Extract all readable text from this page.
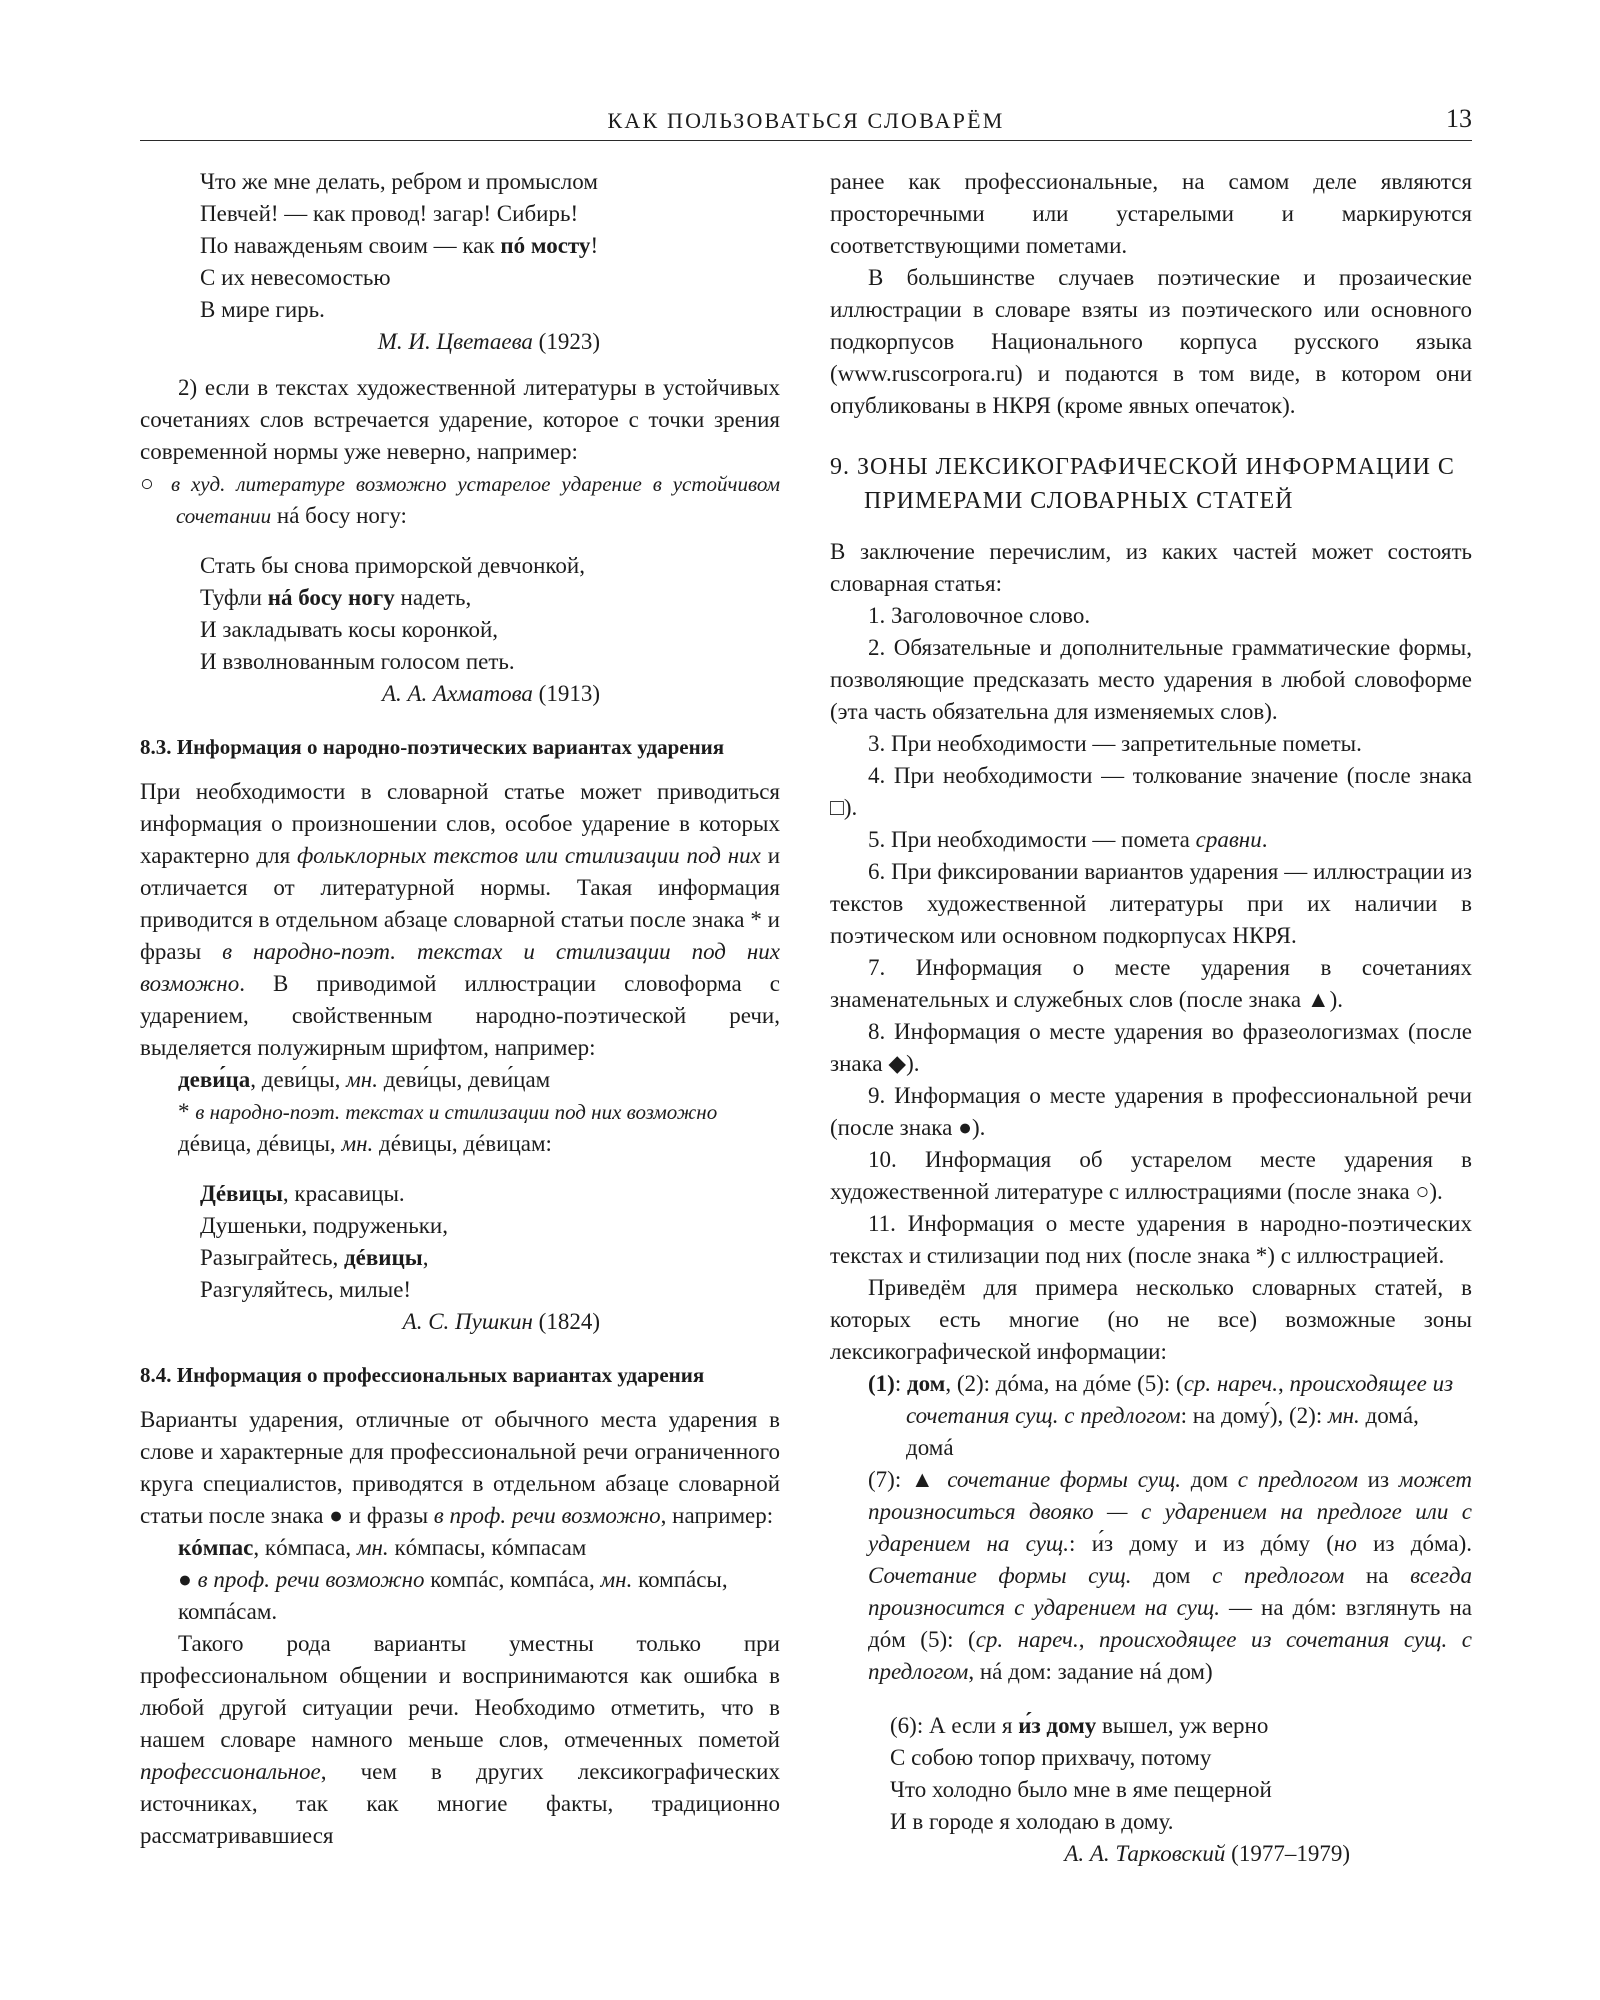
КАК ПОЛЬЗОВАТЬСЯ СЛОВАРЁМ	13

Что же мне делать, ребром и промыслом

Певчей! — как провод! загар! Сибирь!

По наважденьям своим — как пó мосту!

С их невесомостью

В мире гирь.

М. И. Цветаева (1923)

2) если в текстах художественной литературы в устойчивых сочетаниях слов встречается ударение, которое с точки зрения современной нормы уже неверно, например:

○ в худ. литературе возможно устарелое ударение в устойчивом сочетании нá босу ногу:

Стать бы снова приморской девчонкой,

Туфли нá босу ногу надеть,

И закладывать косы коронкой,

И взволнованным голосом петь.

А. А. Ахматова (1913)

8.3. Информация о народно-поэтических вариантах ударения

При необходимости в словарной статье может приводиться информация о произношении слов, особое ударение в которых характерно для фольклорных текстов или стилизации под них и отличается от литературной нормы. Такая информация приводится в отдельном абзаце словарной статьи после знака * и фразы в народно-поэт. текстах и стилизации под них возможно. В приводимой иллюстрации словоформа с ударением, свойственным народно-поэтической речи, выделяется полужирным шрифтом, например:

деви́ца, деви́цы, мн. деви́цы, деви́цам

* в народно-поэт. текстах и стилизации под них возможно дéвица, дéвицы, мн. дéвицы, дéвицам:

Дéвицы, красавицы.

Душеньки, подруженьки,

Разыграйтесь, дéвицы,

Разгуляйтесь, милые!

А. С. Пушкин (1824)

8.4. Информация о профессиональных вариантах ударения

Варианты ударения, отличные от обычного места ударения в слове и характерные для профессиональной речи ограниченного круга специалистов, приводятся в отдельном абзаце словарной статьи после знака ● и фразы в проф. речи возможно, например:

кóмпас, кóмпаса, мн. кóмпасы, кóмпасам

● в проф. речи возможно компáс, компáса, мн. компáсы, компáсам.

Такого рода варианты уместны только при профессиональном общении и воспринимаются как ошибка в любой другой ситуации речи. Необходимо отметить, что в нашем словаре намного меньше слов, отмеченных пометой профессиональное, чем в других лексикографических источниках, так как многие факты, традиционно рассматривавшиеся

ранее как профессиональные, на самом деле являются просторечными или устарелыми и маркируются соответствующими пометами.

В большинстве случаев поэтические и прозаические иллюстрации в словаре взяты из поэтического или основного подкорпусов Национального корпуса русского языка (www.ruscorpora.ru) и подаются в том виде, в котором они опубликованы в НКРЯ (кроме явных опечаток).

9. ЗОНЫ ЛЕКСИКОГРАФИЧЕСКОЙ ИНФОРМАЦИИ С ПРИМЕРАМИ СЛОВАРНЫХ СТАТЕЙ

В заключение перечислим, из каких частей может состоять словарная статья:

1. Заголовочное слово.

2. Обязательные и дополнительные грамматические формы, позволяющие предсказать место ударения в любой словоформе (эта часть обязательна для изменяемых слов).

3. При необходимости — запретительные пометы.

4. При необходимости — толкование значение (после знака □).

5. При необходимости — помета сравни.

6. При фиксировании вариантов ударения — иллюстрации из текстов художественной литературы при их наличии в поэтическом или основном подкорпусах НКРЯ.

7. Информация о месте ударения в сочетаниях знаменательных и служебных слов (после знака ▲).

8. Информация о месте ударения во фразеологизмах (после знака ◆).

9. Информация о месте ударения в профессиональной речи (после знака ●).

10. Информация об устарелом месте ударения в художественной литературе с иллюстрациями (после знака ○).

11. Информация о месте ударения в народно-поэтических текстах и стилизации под них (после знака *) с иллюстрацией.

Приведём для примера несколько словарных статей, в которых есть многие (но не все) возможные зоны лексикографической информации:

(1): дом, (2): дóма, на дóме (5): (ср. нареч., происходящее из сочетания сущ. с предлогом: на дому́), (2): мн. домá, домá

(7): ▲ сочетание формы сущ. дом с предлогом из может произноситься двояко — с ударением на предлоге или с ударением на сущ.: и́з дому и из дóму (но из дóма). Сочетание формы сущ. дом с предлогом на всегда произносится с ударением на сущ. — на дóм: взглянуть на дóм (5): (ср. нареч., происходящее из сочетания сущ. с предлогом, нá дом: задание нá дом)

(6): А если я и́з дому вышел, уж верно

С собою топор прихвачу, потому

Что холодно было мне в яме пещерной

И в городе я холодаю в дому.

А. А. Тарковский (1977–1979)
